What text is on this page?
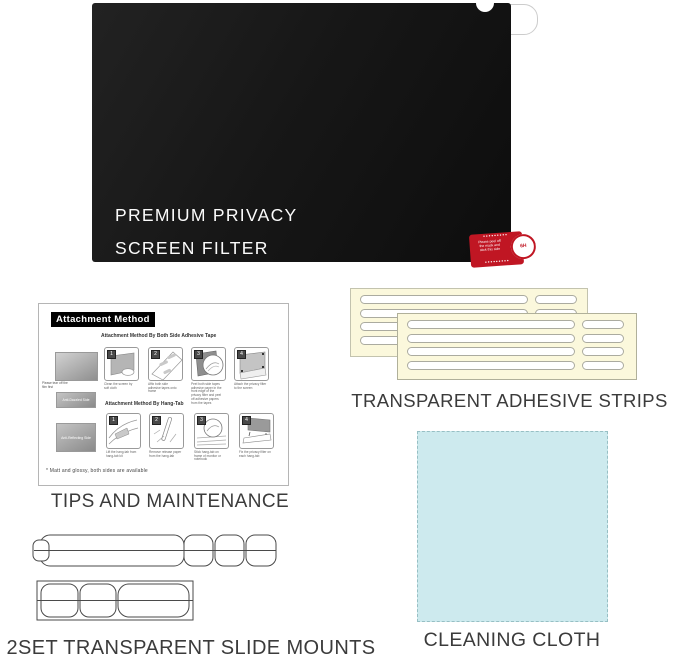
PREMIUM PRIVACY
SCREEN FILTER
•••••••••
Please peel off
the mask and
stick this side
•••••••••
6H
Attachment Method
Attachment Method By Both Side Adhesive Tape
Please tear off the film first
Anti-Dazzled Side
Anti-Reflecting Side
1
Clean the screen by soft cloth
2
Affix both side adhesive tapes onto frame
3
Peel both side tapes adhesive paper in the front edge of the privacy filter and peel off adhesive papers from the tapes
4
Attach the privacy filter to the screen
Attachment Method By Hang-Tab
1
Lift the hang-tab from hang-tab kit
2
Remove release paper from the hang-tab
3
Stick hang-tab on frame of monitor or notebook
4
Fix the privacy filter on each hang-tab
* Matt and glossy, both sides are available
TIPS AND MAINTENANCE
TRANSPARENT ADHESIVE STRIPS
CLEANING CLOTH
2SET TRANSPARENT SLIDE MOUNTS
